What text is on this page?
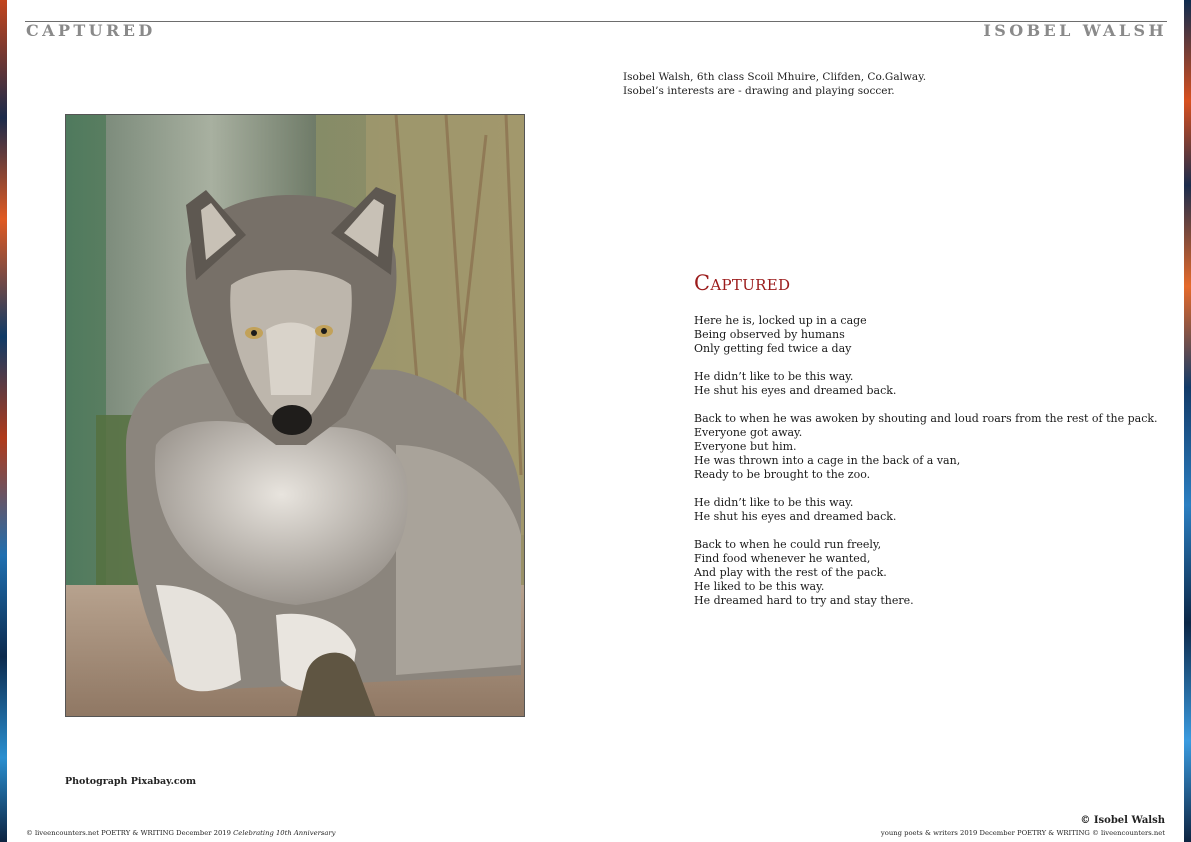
CAPTURED	ISOBEL WALSH
Isobel Walsh, 6th class Scoil Mhuire, Clifden, Co.Galway.
Isobel’s interests are - drawing and playing soccer.
Photograph Pixabay.com
Captured
Here he is, locked up in a cage
Being observed by humans
Only getting fed twice a day
He didn’t like to be this way.
He shut his eyes and dreamed back.
Back to when he was awoken by shouting and loud roars from the rest of the pack.
Everyone got away.
Everyone but him.
He was thrown into a cage in the back of a van,
Ready to be brought to the zoo.
He didn’t like to be this way.
He shut his eyes and dreamed back.
Back to when he could run freely,
Find food whenever he wanted,
And play with the rest of the pack.
He liked to be this way.
He dreamed hard to try and stay there.
© Isobel Walsh
© liveencounters.net POETRY & WRITING December 2019 Celebrating 10th Anniversary	young poets & writers 2019 December POETRY & WRITING © liveencounters.net
